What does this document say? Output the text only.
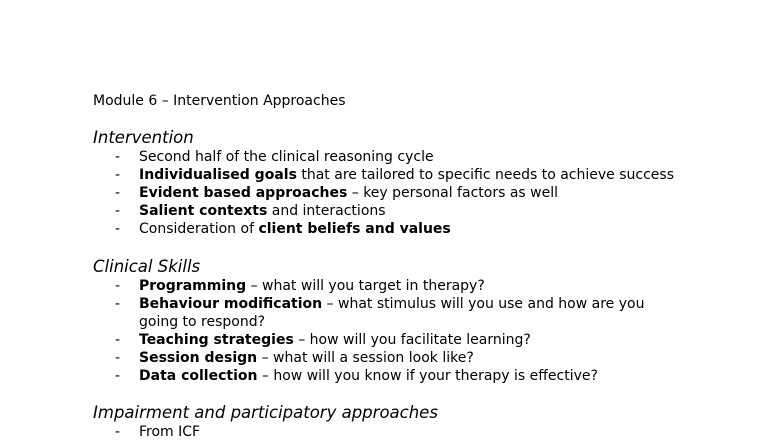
Module 6 – Intervention Approaches
Intervention
- Second half of the clinical reasoning cycle
- Individualised goals that are tailored to specific needs to achieve success
- Evident based approaches – key personal factors as well
- Salient contexts and interactions
- Consideration of client beliefs and values
Clinical Skills
- Programming – what will you target in therapy?
- Behaviour modification – what stimulus will you use and how are you going to respond?
- Teaching strategies – how will you facilitate learning?
- Session design – what will a session look like?
- Data collection – how will you know if your therapy is effective?
Impairment and participatory approaches
- From ICF
